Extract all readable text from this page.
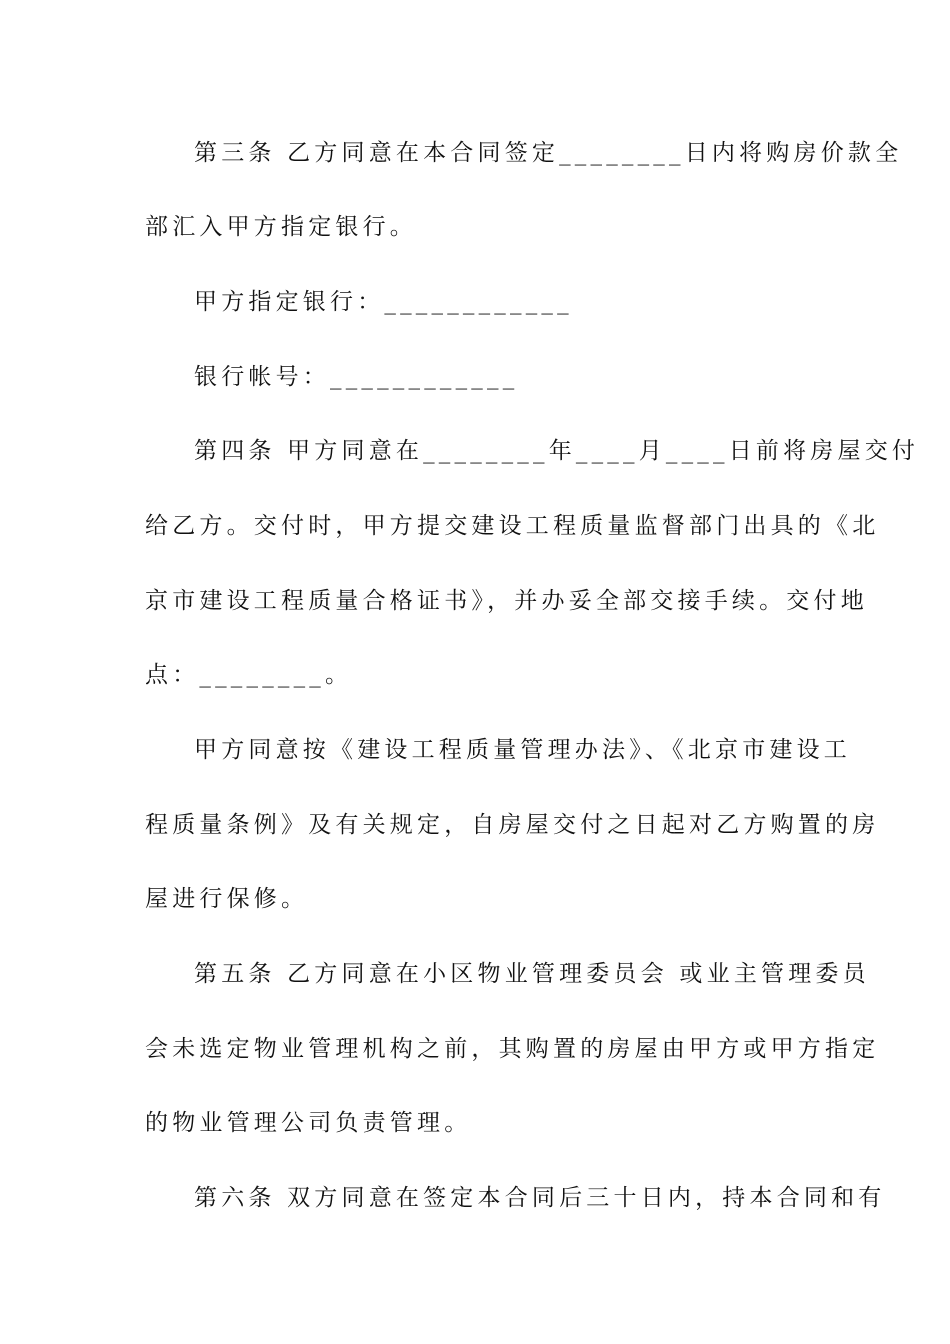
第三条 乙方同意在本合同签定________日内将购房价款全
部汇入甲方指定银行。
甲方指定银行：____________
银行帐号：____________
第四条 甲方同意在________年____月____日前将房屋交付
给乙方。交付时，甲方提交建设工程质量监督部门出具的《北
京市建设工程质量合格证书》，并办妥全部交接手续。交付地
点：________。
甲方同意按《建设工程质量管理办法》、《北京市建设工
程质量条例》及有关规定，自房屋交付之日起对乙方购置的房
屋进行保修。
第五条 乙方同意在小区物业管理委员会 或业主管理委员
会未选定物业管理机构之前，其购置的房屋由甲方或甲方指定
的物业管理公司负责管理。
第六条 双方同意在签定本合同后三十日内，持本合同和有
